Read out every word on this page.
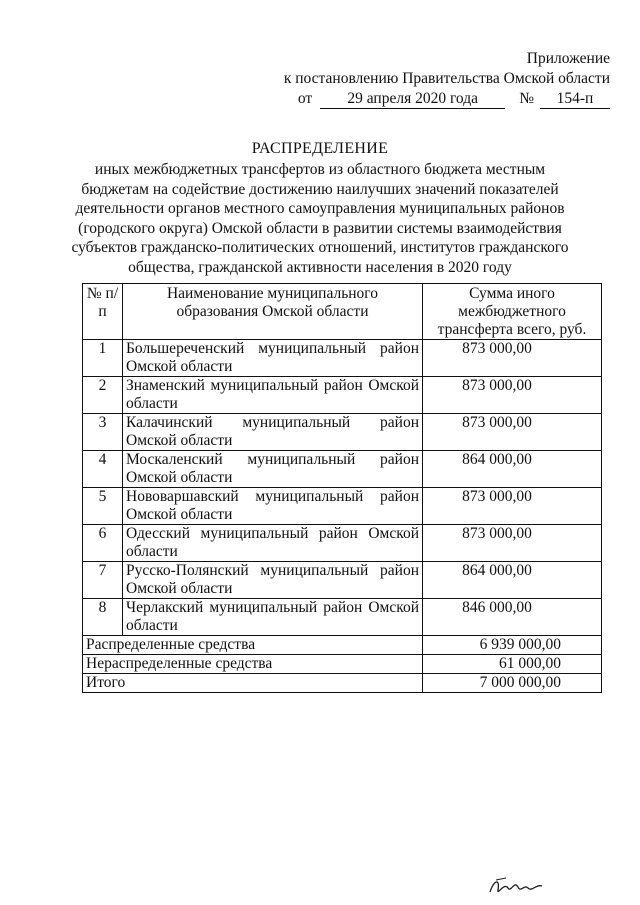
Приложение
к постановлению Правительства Омской области
от	29 апреля 2020 года	№	154-п
РАСПРЕДЕЛЕНИЕ
иных межбюджетных трансфертов из областного бюджета местным бюджетам на содействие достижению наилучших значений показателей деятельности органов местного самоуправления муниципальных районов (городского округа) Омской области в развитии системы взаимодействия субъектов гражданско-политических отношений, институтов гражданского общества, гражданской активности населения в 2020 году
№ п/п	Наименование муниципального образования Омской области	Сумма иного межбюджетного трансферта всего, руб.
1	Большереченский муниципальный район Омской области	873 000,00

2	Знаменский муниципальный район Омской области	873 000,00

3	Калачинский муниципальный район Омской области	873 000,00

4	Москаленский муниципальный район Омской области	864 000,00

5	Нововаршавский муниципальный район Омской области	873 000,00

6	Одесский муниципальный район Омской области	873 000,00

7	Русско-Полянский муниципальный район Омской области	864 000,00

8	Черлакский муниципальный район Омской области	846 000,00

Распределенные средства		6 939 000,00
Нераспределенные средства		61 000,00
Итого		7 000 000,00
